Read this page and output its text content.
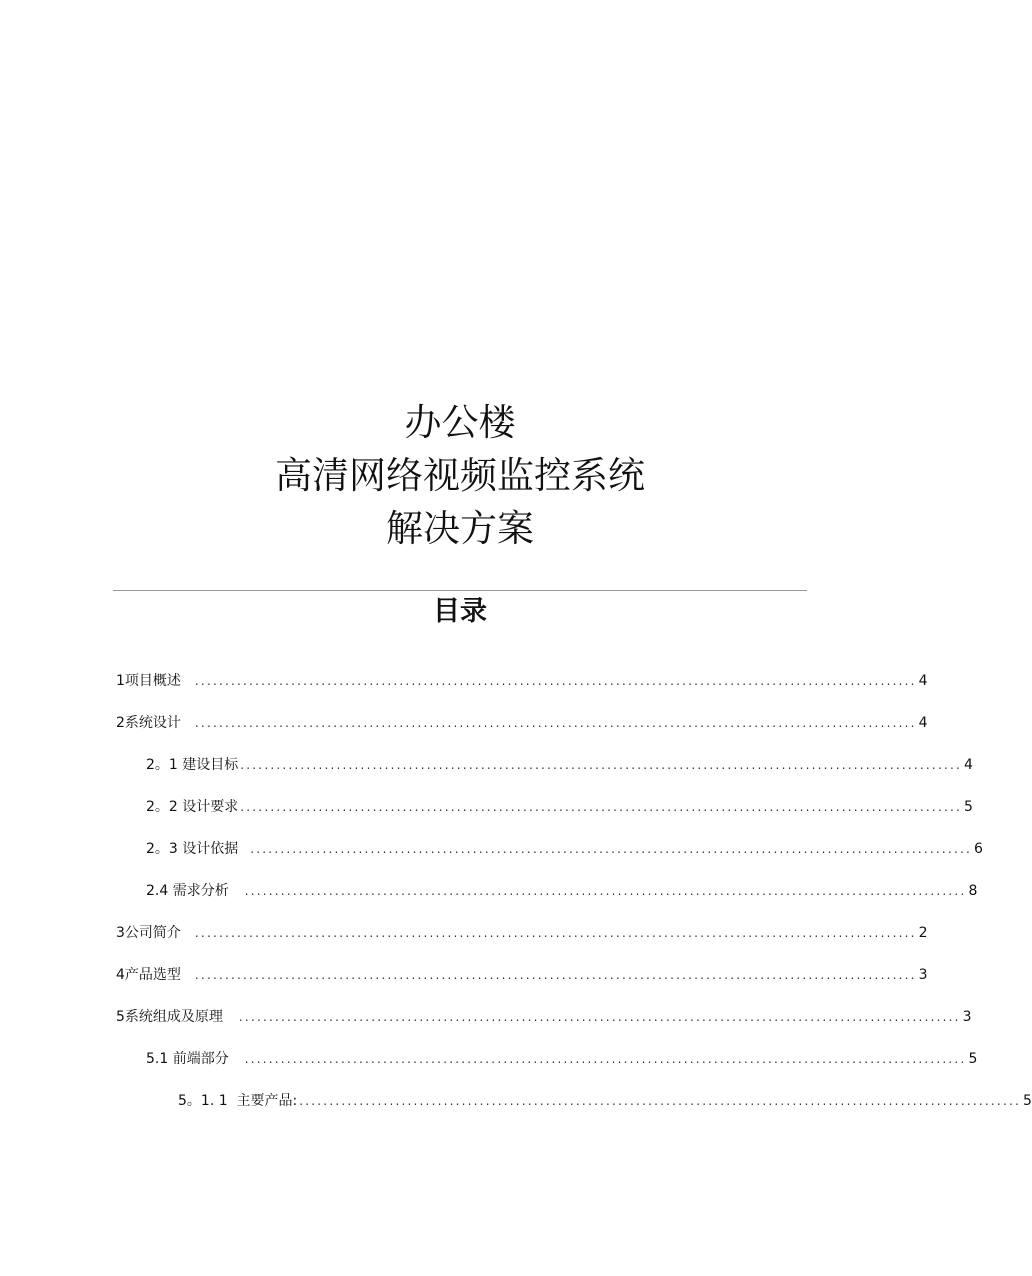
办公楼
高清网络视频监控系统
解决方案
目录
1 项目概述 ........................................................................................................................ 4
2 系统设计 ........................................................................................................................ 4
2。1 建设目标 ........................................................................................................................ 4
2。2 设计要求 ........................................................................................................................ 5
2。3 设计依据 ........................................................................................................................ 6
2.4 需求分析 ........................................................................................................................ 8
3 公司简介 ........................................................................................................................ 2
4 产品选型 ........................................................................................................................ 3
5 系统组成及原理 ........................................................................................................................ 3
5.1 前端部分 ........................................................................................................................ 5
5。1. 1  主要产品: ........................................................................................................................ 5
